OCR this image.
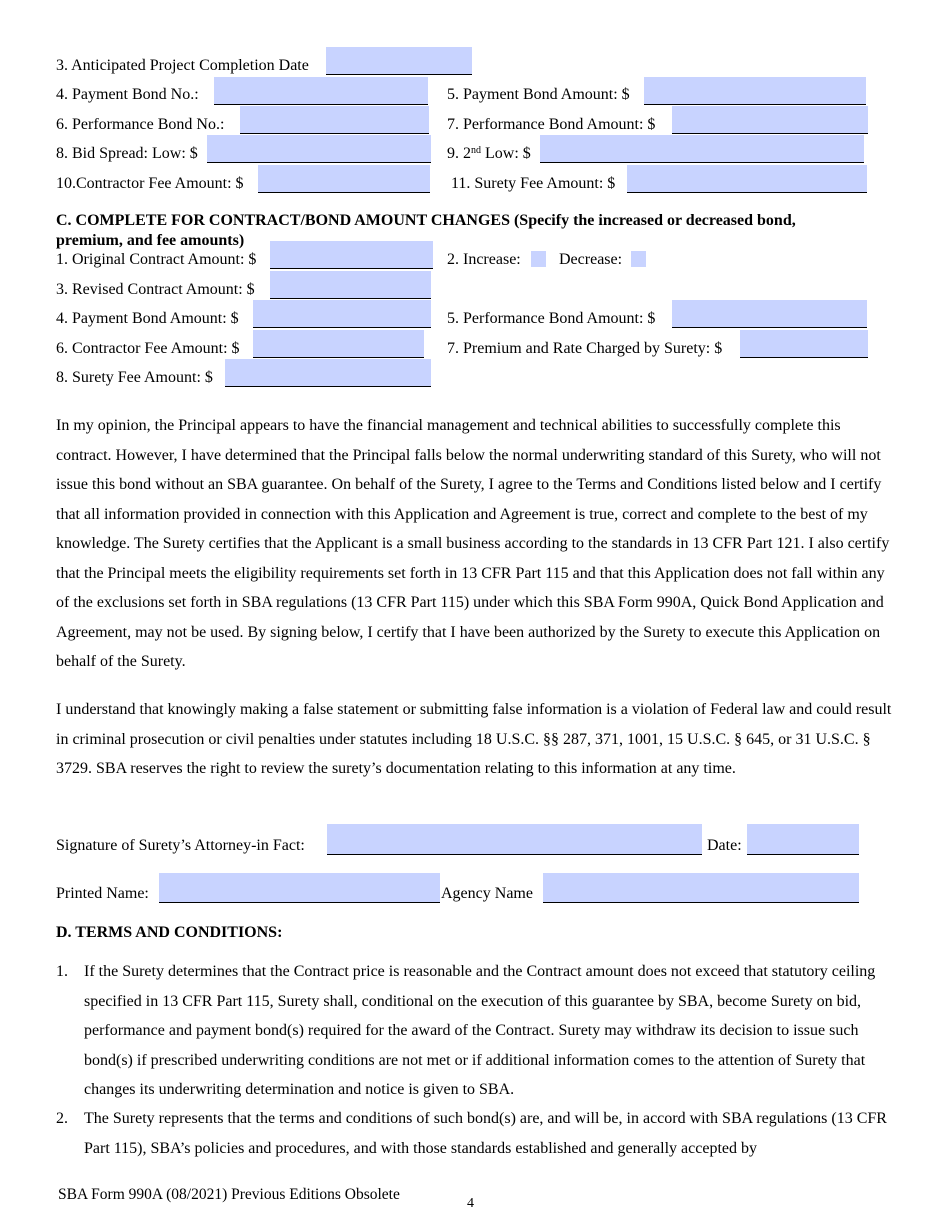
3. Anticipated Project Completion Date
4. Payment Bond No.:	5. Payment Bond Amount: $
6. Performance Bond No.:	7. Performance Bond Amount: $
8. Bid Spread: Low: $	9. 2nd Low: $
10.Contractor Fee Amount: $	11. Surety Fee Amount: $
C. COMPLETE FOR CONTRACT/BOND AMOUNT CHANGES (Specify the increased or decreased bond,
premium, and fee amounts)
1. Original Contract Amount: $	2. Increase: Decrease:
3. Revised Contract Amount: $
4. Payment Bond Amount: $	5. Performance Bond Amount: $
6. Contractor Fee Amount: $	7. Premium and Rate Charged by Surety: $
8. Surety Fee Amount: $
In my opinion, the Principal appears to have the financial management and technical abilities to successfully complete this contract. However, I have determined that the Principal falls below the normal underwriting standard of this Surety, who will not issue this bond without an SBA guarantee. On behalf of the Surety, I agree to the Terms and Conditions listed below and I certify that all information provided in connection with this Application and Agreement is true, correct and complete to the best of my knowledge. The Surety certifies that the Applicant is a small business according to the standards in 13 CFR Part 121. I also certify that the Principal meets the eligibility requirements set forth in 13 CFR Part 115 and that this Application does not fall within any of the exclusions set forth in SBA regulations (13 CFR Part 115) under which this SBA Form 990A, Quick Bond Application and Agreement, may not be used. By signing below, I certify that I have been authorized by the Surety to execute this Application on behalf of the Surety.
I understand that knowingly making a false statement or submitting false information is a violation of Federal law and could result in criminal prosecution or civil penalties under statutes including 18 U.S.C. §§ 287, 371, 1001, 15 U.S.C. § 645, or 31 U.S.C. § 3729. SBA reserves the right to review the surety’s documentation relating to this information at any time.
Signature of Surety’s Attorney-in Fact:	Date:
Printed Name:	Agency Name
D. TERMS AND CONDITIONS:
1. If the Surety determines that the Contract price is reasonable and the Contract amount does not exceed that statutory ceiling specified in 13 CFR Part 115, Surety shall, conditional on the execution of this guarantee by SBA, become Surety on bid, performance and payment bond(s) required for the award of the Contract. Surety may withdraw its decision to issue such bond(s) if prescribed underwriting conditions are not met or if additional information comes to the attention of Surety that changes its underwriting determination and notice is given to SBA.
2. The Surety represents that the terms and conditions of such bond(s) are, and will be, in accord with SBA regulations (13 CFR Part 115), SBA’s policies and procedures, and with those standards established and generally accepted by
SBA Form 990A (08/2021) Previous Editions Obsolete
4
